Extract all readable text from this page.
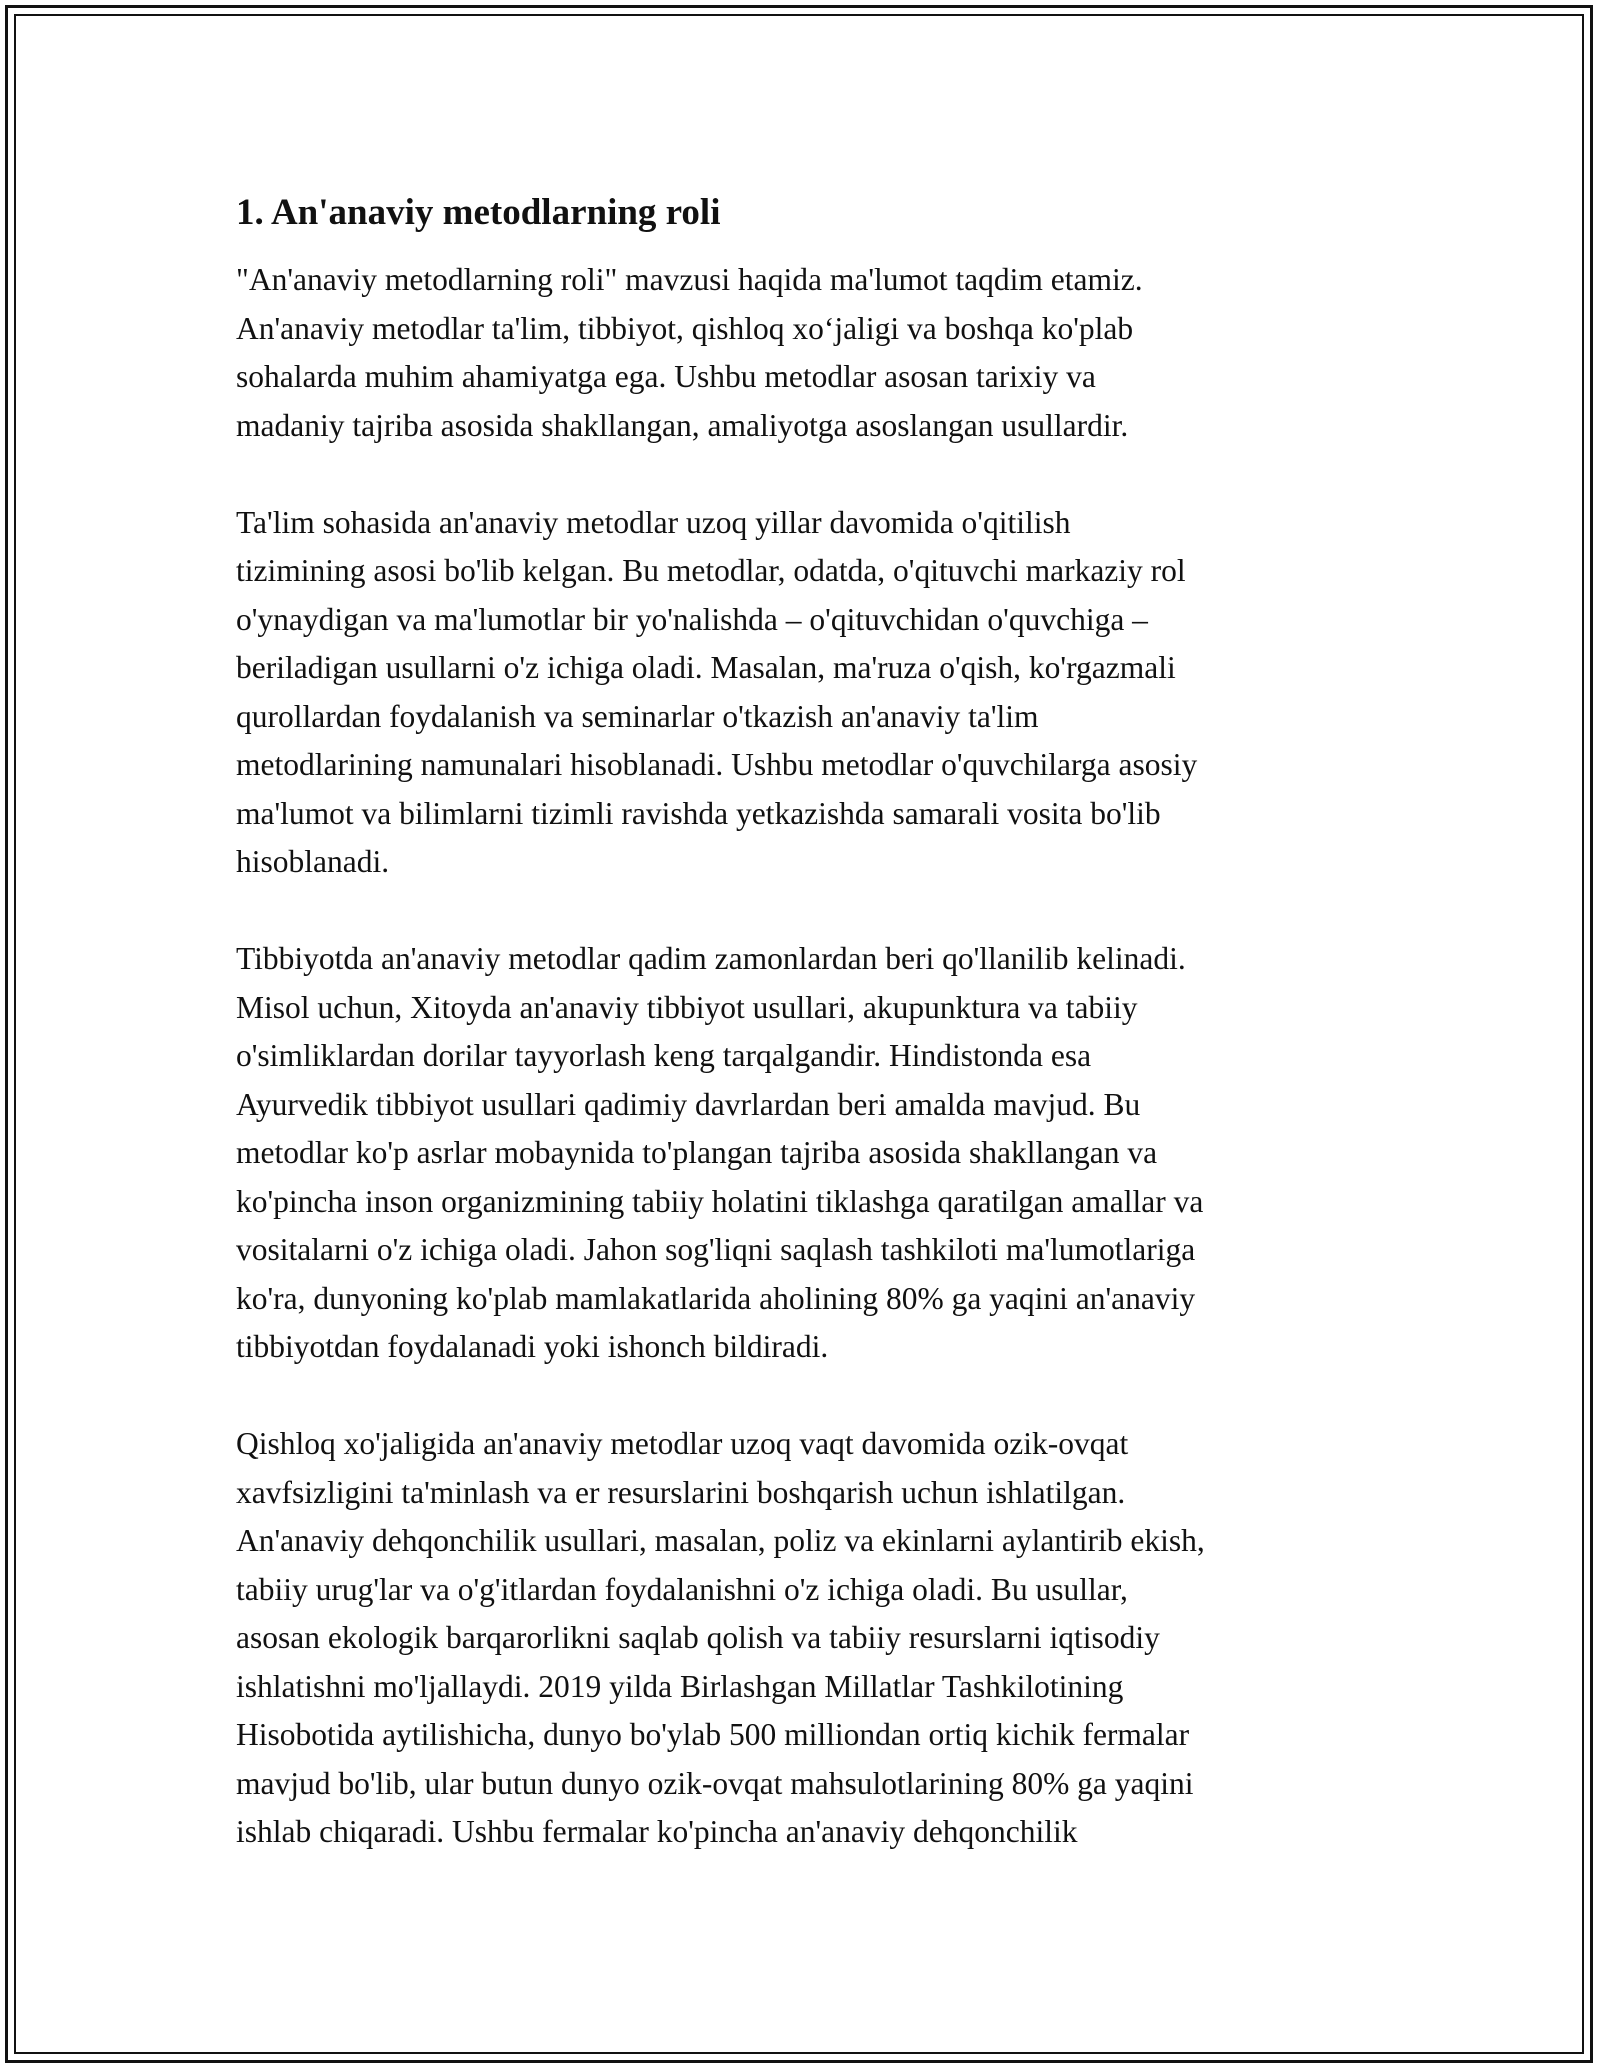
1. An'anaviy metodlarning roli

"An'anaviy metodlarning roli" mavzusi haqida ma'lumot taqdim etamiz.
An'anaviy metodlar ta'lim, tibbiyot, qishloq xo‘jaligi va boshqa ko'plab
sohalarda muhim ahamiyatga ega. Ushbu metodlar asosan tarixiy va
madaniy tajriba asosida shakllangan, amaliyotga asoslangan usullardir.

Ta'lim sohasida an'anaviy metodlar uzoq yillar davomida o'qitilish
tizimining asosi bo'lib kelgan. Bu metodlar, odatda, o'qituvchi markaziy rol
o'ynaydigan va ma'lumotlar bir yo'nalishda – o'qituvchidan o'quvchiga –
beriladigan usullarni o'z ichiga oladi. Masalan, ma'ruza o'qish, ko'rgazmali
qurollardan foydalanish va seminarlar o'tkazish an'anaviy ta'lim
metodlarining namunalari hisoblanadi. Ushbu metodlar o'quvchilarga asosiy
ma'lumot va bilimlarni tizimli ravishda yetkazishda samarali vosita bo'lib
hisoblanadi.

Tibbiyotda an'anaviy metodlar qadim zamonlardan beri qo'llanilib kelinadi.
Misol uchun, Xitoyda an'anaviy tibbiyot usullari, akupunktura va tabiiy
o'simliklardan dorilar tayyorlash keng tarqalgandir. Hindistonda esa
Ayurvedik tibbiyot usullari qadimiy davrlardan beri amalda mavjud. Bu
metodlar ko'p asrlar mobaynida to'plangan tajriba asosida shakllangan va
ko'pincha inson organizmining tabiiy holatini tiklashga qaratilgan amallar va
vositalarni o'z ichiga oladi. Jahon sog'liqni saqlash tashkiloti ma'lumotlariga
ko'ra, dunyoning ko'plab mamlakatlarida aholining 80% ga yaqini an'anaviy
tibbiyotdan foydalanadi yoki ishonch bildiradi.

Qishloq xo'jaligida an'anaviy metodlar uzoq vaqt davomida ozik-ovqat
xavfsizligini ta'minlash va er resurslarini boshqarish uchun ishlatilgan.
An'anaviy dehqonchilik usullari, masalan, poliz va ekinlarni aylantirib ekish,
tabiiy urug'lar va o'g'itlardan foydalanishni o'z ichiga oladi. Bu usullar,
asosan ekologik barqarorlikni saqlab qolish va tabiiy resurslarni iqtisodiy
ishlatishni mo'ljallaydi. 2019 yilda Birlashgan Millatlar Tashkilotining
Hisobotida aytilishicha, dunyo bo'ylab 500 milliondan ortiq kichik fermalar
mavjud bo'lib, ular butun dunyo ozik-ovqat mahsulotlarining 80% ga yaqini
ishlab chiqaradi. Ushbu fermalar ko'pincha an'anaviy dehqonchilik
